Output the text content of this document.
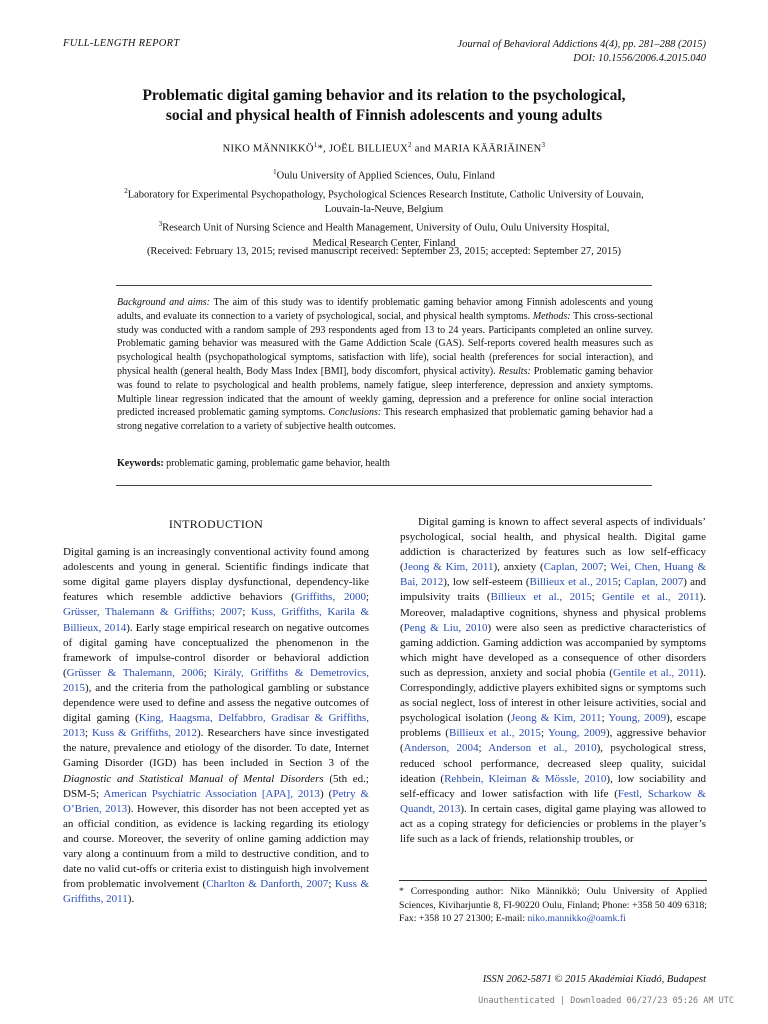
FULL-LENGTH REPORT	Journal of Behavioral Addictions 4(4), pp. 281–288 (2015)
DOI: 10.1556/2006.4.2015.040
Problematic digital gaming behavior and its relation to the psychological,
social and physical health of Finnish adolescents and young adults
NIKO MÄNNIKKÖ$^1$*, JOËL BILLIEUX$^2$ and MARIA KÄÄRIÄINEN$^3$
$^1$Oulu University of Applied Sciences, Oulu, Finland
$^2$Laboratory for Experimental Psychopathology, Psychological Sciences Research Institute, Catholic University of Louvain,
Louvain-la-Neuve, Belgium
$^3$Research Unit of Nursing Science and Health Management, University of Oulu, Oulu University Hospital,
Medical Research Center, Finland
(Received: February 13, 2015; revised manuscript received: September 23, 2015; accepted: September 27, 2015)
Background and aims: The aim of this study was to identify problematic gaming behavior among Finnish adolescents and young adults, and evaluate its connection to a variety of psychological, social, and physical health symptoms. Methods: This cross-sectional study was conducted with a random sample of 293 respondents aged from 13 to 24 years. Participants completed an online survey. Problematic gaming behavior was measured with the Game Addiction Scale (GAS). Self-reports covered health measures such as psychological health (psychopathological symptoms, satisfaction with life), social health (preferences for social interaction), and physical health (general health, Body Mass Index [BMI], body discomfort, physical activity). Results: Problematic gaming behavior was found to relate to psychological and health problems, namely fatigue, sleep interference, depression and anxiety symptoms. Multiple linear regression indicated that the amount of weekly gaming, depression and a preference for online social interaction predicted increased problematic gaming symptoms. Conclusions: This research emphasized that problematic gaming behavior had a strong negative correlation to a variety of subjective health outcomes.
Keywords: problematic gaming, problematic game behavior, health
INTRODUCTION
Digital gaming is an increasingly conventional activity found among adolescents and young in general. Scientific findings indicate that some digital game players display dysfunctional, dependency-like features which resemble addictive behaviors (Griffiths, 2000; Grüsser, Thalemann & Griffiths; 2007; Kuss, Griffiths, Karila & Billieux, 2014). Early stage empirical research on negative outcomes of digital gaming have conceptualized the phenomenon in the framework of impulse-control disorder or behavioral addiction (Grüsser & Thalemann, 2006; Király, Griffiths & Demetrovics, 2015), and the criteria from the pathological gambling or substance dependence were used to define and assess the negative outcomes of digital gaming (King, Haagsma, Delfabbro, Gradisar & Griffiths, 2013; Kuss & Griffiths, 2012). Researchers have since investigated the nature, prevalence and etiology of the disorder. To date, Internet Gaming Disorder (IGD) has been included in Section 3 of the Diagnostic and Statistical Manual of Mental Disorders (5th ed.; DSM-5; American Psychiatric Association [APA], 2013) (Petry & O’Brien, 2013). However, this disorder has not been accepted yet as an official condition, as evidence is lacking regarding its etiology and course. Moreover, the severity of online gaming addiction may vary along a continuum from a mild to destructive condition, and to date no valid cut-offs or criteria exist to distinguish high involvement from problematic involvement (Charlton & Danforth, 2007; Kuss & Griffiths, 2011).
Digital gaming is known to affect several aspects of individuals’ psychological, social health, and physical health. Digital game addiction is characterized by features such as low self-efficacy (Jeong & Kim, 2011), anxiety (Caplan, 2007; Wei, Chen, Huang & Bai, 2012), low self-esteem (Billieux et al., 2015; Caplan, 2007) and impulsivity traits (Billieux et al., 2015; Gentile et al., 2011). Moreover, maladaptive cognitions, shyness and physical problems (Peng & Liu, 2010) were also seen as predictive characteristics of gaming addiction. Gaming addiction was accompanied by symptoms which might have developed as a consequence of other disorders such as depression, anxiety and social phobia (Gentile et al., 2011). Correspondingly, addictive players exhibited signs or symptoms such as social neglect, loss of interest in other leisure activities, social and psychological isolation (Jeong & Kim, 2011; Young, 2009), escape problems (Billieux et al., 2015; Young, 2009), aggressive behavior (Anderson, 2004; Anderson et al., 2010), psychological stress, reduced school performance, decreased sleep quality, suicidal ideation (Rehbein, Kleiman & Mössle, 2010), low sociability and self-efficacy and lower satisfaction with life (Festl, Scharkow & Quandt, 2013). In certain cases, digital game playing was allowed to act as a coping strategy for deficiencies or problems in the player’s life such as a lack of friends, relationship troubles, or
* Corresponding author: Niko Männikkö; Oulu University of Applied Sciences, Kiviharjuntie 8, FI-90220 Oulu, Finland; Phone: +358 50 409 6318; Fax: +358 10 27 21300; E-mail: niko.mannikko@oamk.fi
ISSN 2062-5871 © 2015 Akadémiai Kiadó, Budapest
Unauthenticated | Downloaded 06/27/23 05:26 AM UTC
